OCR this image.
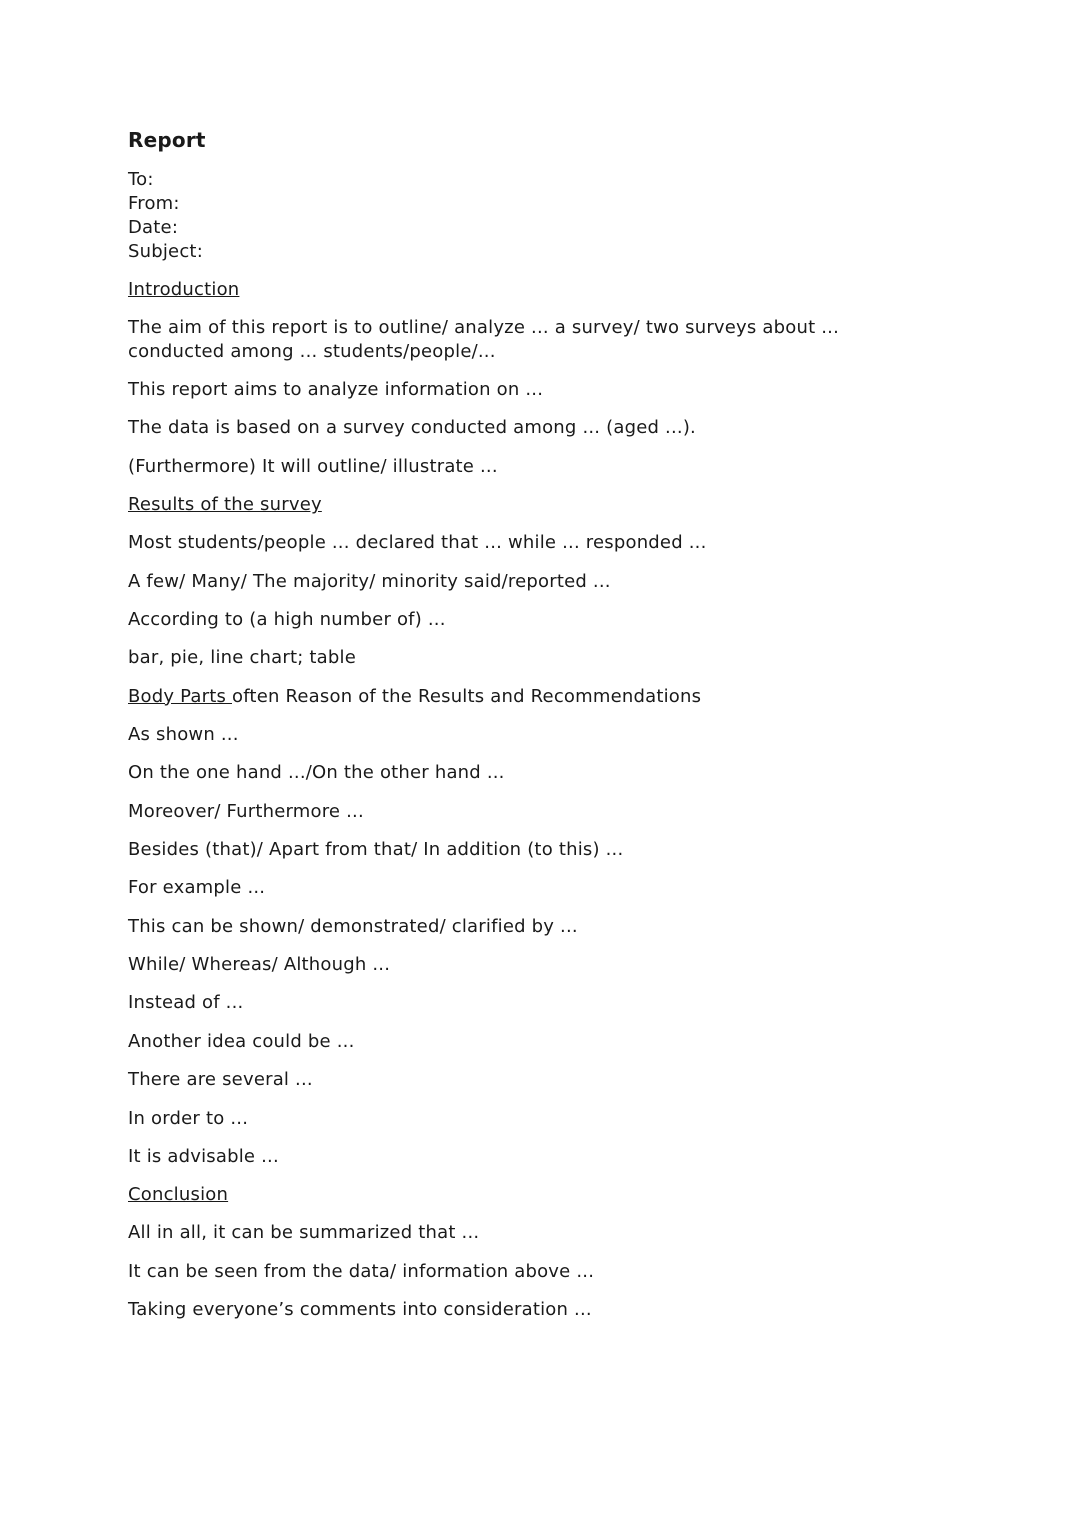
Report
To:
From:
Date:
Subject:
Introduction
The aim of this report is to outline/ analyze ... a survey/ two surveys about ...
conducted among ... students/people/...
This report aims to analyze information on ...
The data is based on a survey conducted among ... (aged ...).
(Furthermore) It will outline/ illustrate ...
Results of the survey
Most students/people ... declared that ... while ... responded ...
A few/ Many/ The majority/ minority said/reported ...
According to (a high number of) ...
bar, pie, line chart; table
Body Parts often Reason of the Results and Recommendations
As shown ...
On the one hand .../On the other hand ...
Moreover/ Furthermore ...
Besides (that)/ Apart from that/ In addition (to this) ...
For example ...
This can be shown/ demonstrated/ clarified by ...
While/ Whereas/ Although ...
Instead of ...
Another idea could be ...
There are several ...
In order to ...
It is advisable ...
Conclusion
All in all, it can be summarized that ...
It can be seen from the data/ information above ...
Taking everyone’s comments into consideration ...
